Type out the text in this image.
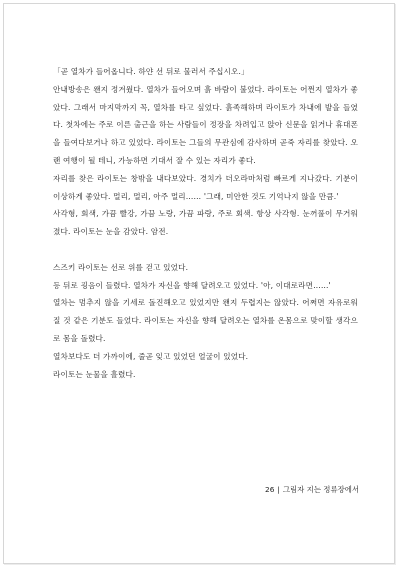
「곧 열차가 들어옵니다. 하얀 선 뒤로 물러서 주십시오.」

안내방송은 왠지 정겨웠다. 열차가 들어오며 흙 바람이 불었다. 라이토는 어쩐지 열차가 좋았다. 그래서 마지막까지 꼭, 열차를 타고 싶었다. 흙족해하며 라이토가 차내에 발을 들였다. 첫차에는 주로 이른 출근을 하는 사람들이 정장을 차려입고 앉아 신문을 읽거나 휴대폰을 들여다보거나 하고 있었다. 라이토는 그들의 무관심에 감사하며 곧죽 자리를 찾았다. 오랜 여행이 될 테니, 가능하면 기대서 잘 수 있는 자리가 좋다.

자리를 찾은 라이토는 창밖을 내다보았다. 경치가 더오라마처럼 빠르게 지나갔다. 기분이 이상하게 좋았다. 멀리, 멀리, 아주 멀리…… '그래, 미안한 것도 기억나지 않을 만큼.'

사각형, 회색, 가끔 빨강, 가끔 노랑, 가끔 파랑, 주로 회색. 항상 사각형. 눈꺼풀이 무거워졌다. 라이토는 눈을 감았다. 암전.

스즈키 라이토는 선로 위를 걷고 있었다.

등 뒤로 굉음이 들렸다. 열차가 자신을 향해 달려오고 있었다. '아, 이대로라면……'

열차는 멈추지 않을 기세로 돌진해오고 있었지만 왠지 두렵지는 않았다. 어쩌면 자유로워질 것 같은 기분도 들었다. 라이토는 자신을 향해 달려오는 열차를 온몸으로 맞이할 생각으로 몸을 돌렸다.

열차보다도 더 가까이에, 줄곧 잊고 있었던 얼굴이 있었다.

라이토는 눈물을 흘렸다.

26 | 그림자 지는 정류장에서
